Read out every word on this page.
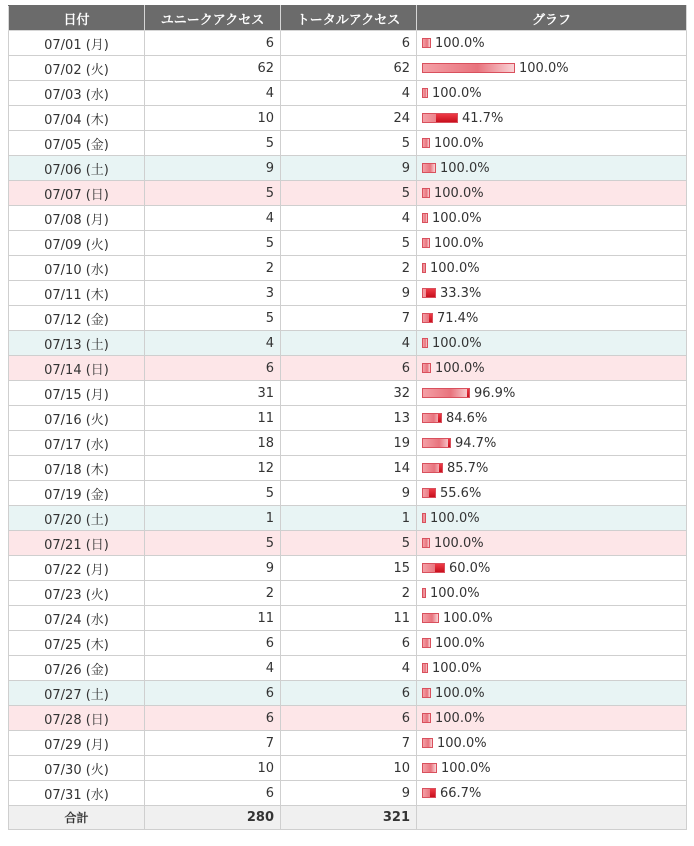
日付	ユニークアクセス	トータルアクセス	グラフ
07/01 (月)	6	6	100.0%
07/02 (火)	62	62	100.0%
07/03 (水)	4	4	100.0%
07/04 (木)	10	24	41.7%
07/05 (金)	5	5	100.0%
07/06 (土)	9	9	100.0%
07/07 (日)	5	5	100.0%
07/08 (月)	4	4	100.0%
07/09 (火)	5	5	100.0%
07/10 (水)	2	2	100.0%
07/11 (木)	3	9	33.3%
07/12 (金)	5	7	71.4%
07/13 (土)	4	4	100.0%
07/14 (日)	6	6	100.0%
07/15 (月)	31	32	96.9%
07/16 (火)	11	13	84.6%
07/17 (水)	18	19	94.7%
07/18 (木)	12	14	85.7%
07/19 (金)	5	9	55.6%
07/20 (土)	1	1	100.0%
07/21 (日)	5	5	100.0%
07/22 (月)	9	15	60.0%
07/23 (火)	2	2	100.0%
07/24 (水)	11	11	100.0%
07/25 (木)	6	6	100.0%
07/26 (金)	4	4	100.0%
07/27 (土)	6	6	100.0%
07/28 (日)	6	6	100.0%
07/29 (月)	7	7	100.0%
07/30 (火)	10	10	100.0%
07/31 (水)	6	9	66.7%
合計	280	321	
